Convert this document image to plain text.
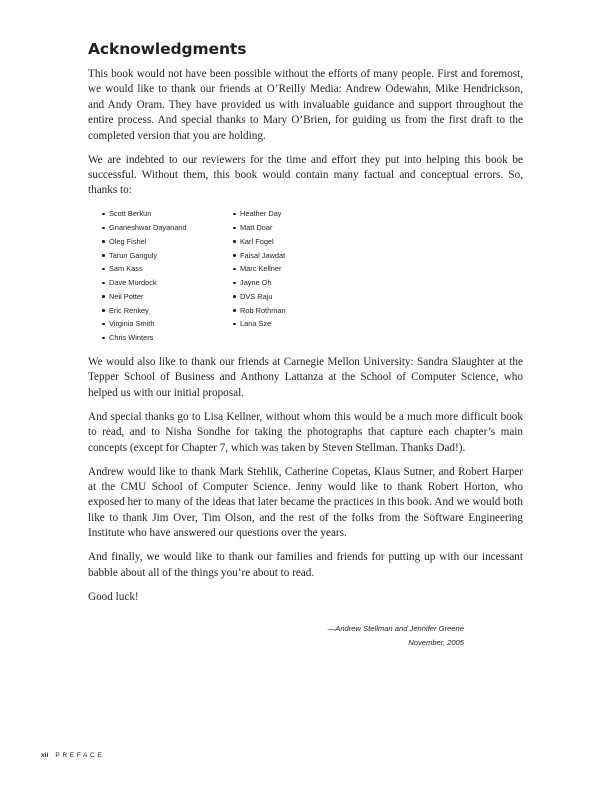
Acknowledgments

This book would not have been possible without the efforts of many people. First and foremost, we would like to thank our friends at O’Reilly Media: Andrew Odewahn, Mike Hendrickson, and Andy Oram. They have provided us with invaluable guidance and support throughout the entire process. And special thanks to Mary O’Brien, for guiding us from the first draft to the completed version that you are holding.

We are indebted to our reviewers for the time and effort they put into helping this book be successful. Without them, this book would contain many factual and conceptual errors. So, thanks to:

Scott Berkun
Gnaneshwar Dayanand
Oleg Fishel
Tarun Ganguly
Sam Kass
Dave Murdock
Neil Potter
Eric Renkey
Virginia Smith
Chris Winters
Heather Day
Matt Doar
Karl Fogel
Faisal Jawdat
Marc Kellner
Jayne Oh
DVS Raju
Rob Rothman
Lana Sze

We would also like to thank our friends at Carnegie Mellon University: Sandra Slaughter at the Tepper School of Business and Anthony Lattanza at the School of Computer Science, who helped us with our initial proposal.

And special thanks go to Lisa Kellner, without whom this would be a much more difficult book to read, and to Nisha Sondhe for taking the photographs that capture each chapter’s main concepts (except for Chapter 7, which was taken by Steven Stellman. Thanks Dad!).

Andrew would like to thank Mark Stehlik, Catherine Copetas, Klaus Sutner, and Robert Harper at the CMU School of Computer Science. Jenny would like to thank Robert Horton, who exposed her to many of the ideas that later became the practices in this book. And we would both like to thank Jim Over, Tim Olson, and the rest of the folks from the Software Engineering Institute who have answered our questions over the years.

And finally, we would like to thank our families and friends for putting up with our incessant babble about all of the things you’re about to read.

Good luck!

—Andrew Stellman and Jennifer Greene
November, 2005
xii PREFACE
